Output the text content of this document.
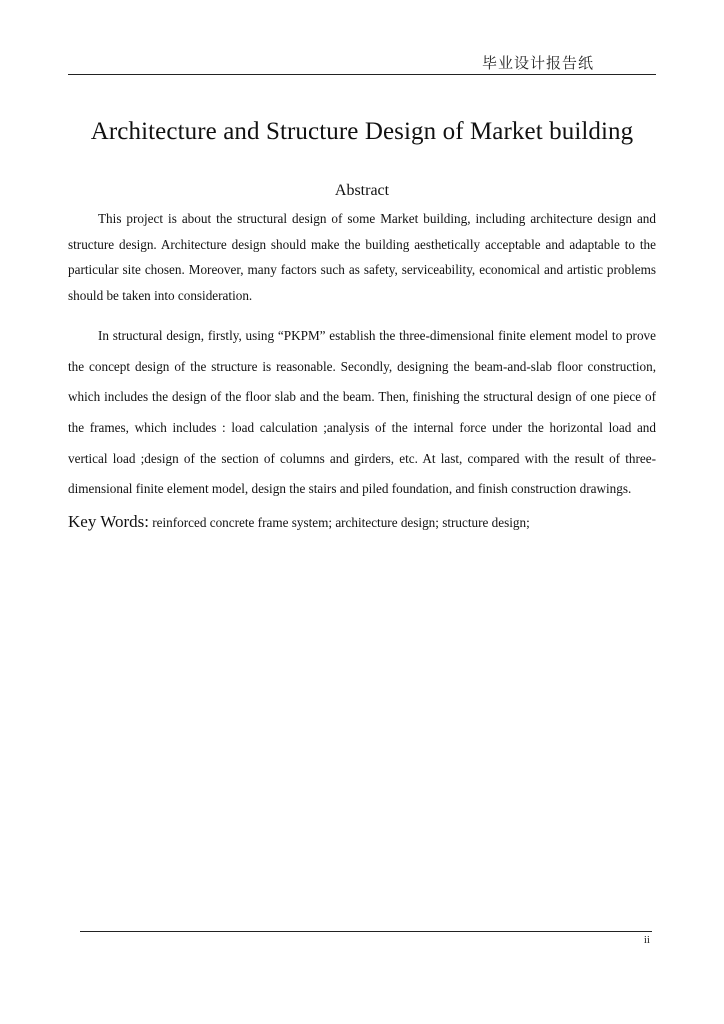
毕业设计报告纸
Architecture and Structure Design of Market building
Abstract

This project is about the structural design of some Market building, including architecture design and structure design. Architecture design should make the building aesthetically acceptable and adaptable to the particular site chosen. Moreover, many factors such as safety, serviceability, economical and artistic problems should be taken into consideration.

In structural design, firstly, using “PKPM” establish the three-dimensional finite element model to prove the concept design of the structure is reasonable. Secondly, designing the beam-and-slab floor construction, which includes the design of the floor slab and the beam. Then, finishing the structural design of one piece of the frames, which includes : load calculation ;analysis of the internal force under the horizontal load and vertical load ;design of the section of columns and girders, etc. At last, compared with the result of three-dimensional finite element model, design the stairs and piled foundation, and finish construction drawings.

Key Words: reinforced concrete frame system; architecture design; structure design;

ii
